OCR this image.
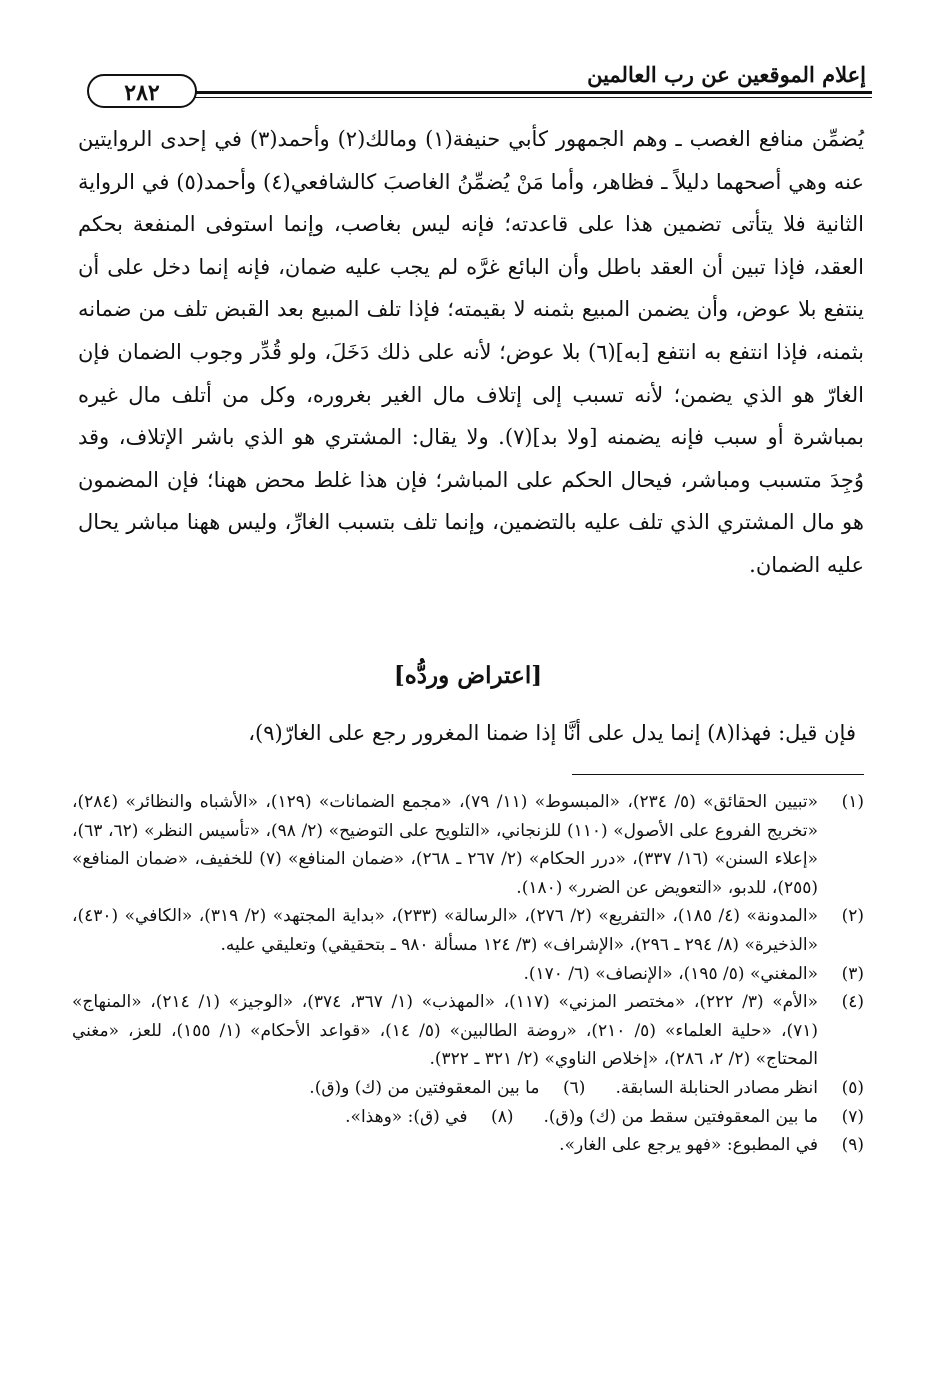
إعلام الموقعين عن رب العالمين
٢٨٢

يُضمِّن منافع الغصب ـ وهم الجمهور كأبي حنيفة(١) ومالك(٢) وأحمد(٣) في إحدى الروايتين عنه وهي أصحهما دليلاً ـ فظاهر، وأما مَنْ يُضمِّنُ الغاصبَ كالشافعي(٤) وأحمد(٥) في الرواية الثانية فلا يتأتى تضمين هذا على قاعدته؛ فإنه ليس بغاصب، وإنما استوفى المنفعة بحكم العقد، فإذا تبين أن العقد باطل وأن البائع غرَّه لم يجب عليه ضمان، فإنه إنما دخل على أن ينتفع بلا عوض، وأن يضمن المبيع بثمنه لا بقيمته؛ فإذا تلف المبيع بعد القبض تلف من ضمانه بثمنه، فإذا انتفع به انتفع [به](٦) بلا عوض؛ لأنه على ذلك دَخَلَ، ولو قُدِّر وجوب الضمان فإن الغارّ هو الذي يضمن؛ لأنه تسبب إلى إتلاف مال الغير بغروره، وكل من أتلف مال غيره بمباشرة أو سبب فإنه يضمنه [ولا بد](٧). ولا يقال: المشتري هو الذي باشر الإتلاف، وقد وُجِدَ متسبب ومباشر، فيحال الحكم على المباشر؛ فإن هذا غلط محض ههنا؛ فإن المضمون هو مال المشتري الذي تلف عليه بالتضمين، وإنما تلف بتسبب الغارِّ، وليس ههنا مباشر يحال عليه الضمان.

[اعتراض وردُّه]
فإن قيل: فهذا(٨) إنما يدل على أنَّا إذا ضمنا المغرور رجع على الغارّ(٩)،
(١)
«تبيين الحقائق» (٥/ ٢٣٤)، «المبسوط» (١١/ ٧٩)، «مجمع الضمانات» (١٢٩)، «الأشباه والنظائر» (٢٨٤)، «تخريج الفروع على الأصول» (١١٠) للزنجاني، «التلويح على التوضيح» (٢/ ٩٨)، «تأسيس النظر» (٦٢، ٦٣)، «إعلاء السنن» (١٦/ ٣٣٧)، «درر الحكام» (٢/ ٢٦٧ ـ ٢٦٨)، «ضمان المنافع» (٧) للخفيف، «ضمان المنافع» (٢٥٥)، للدبو، «التعويض عن الضرر» (١٨٠).
(٢)
«المدونة» (٤/ ١٨٥)، «التفريع» (٢/ ٢٧٦)، «الرسالة» (٢٣٣)، «بداية المجتهد» (٢/ ٣١٩)، «الكافي» (٤٣٠)، «الذخيرة» (٨/ ٢٩٤ ـ ٢٩٦)، «الإشراف» (٣/ ١٢٤ مسألة ٩٨٠ ـ بتحقيقي) وتعليقي عليه.
(٣)
«المغني» (٥/ ١٩٥)، «الإنصاف» (٦/ ١٧٠).
(٤)
«الأم» (٣/ ٢٢٢)، «مختصر المزني» (١١٧)، «المهذب» (١/ ٣٦٧، ٣٧٤)، «الوجيز» (١/ ٢١٤)، «المنهاج» (٧١)، «حلية العلماء» (٥/ ٢١٠)، «روضة الطالبين» (٥/ ١٤)، «قواعد الأحكام» (١/ ١٥٥)، للعز، «مغني المحتاج» (٢/ ٢، ٢٨٦)، «إخلاص الناوي» (٢/ ٣٢١ ـ ٣٢٢).
(٥)
انظر مصادر الحنابلة السابقة.
(٦)
ما بين المعقوفتين من (ك) و(ق).
(٧)
ما بين المعقوفتين سقط من (ك) و(ق).
(٨)
في (ق): «وهذا».
(٩)
في المطبوع: «فهو يرجع على الغار».
